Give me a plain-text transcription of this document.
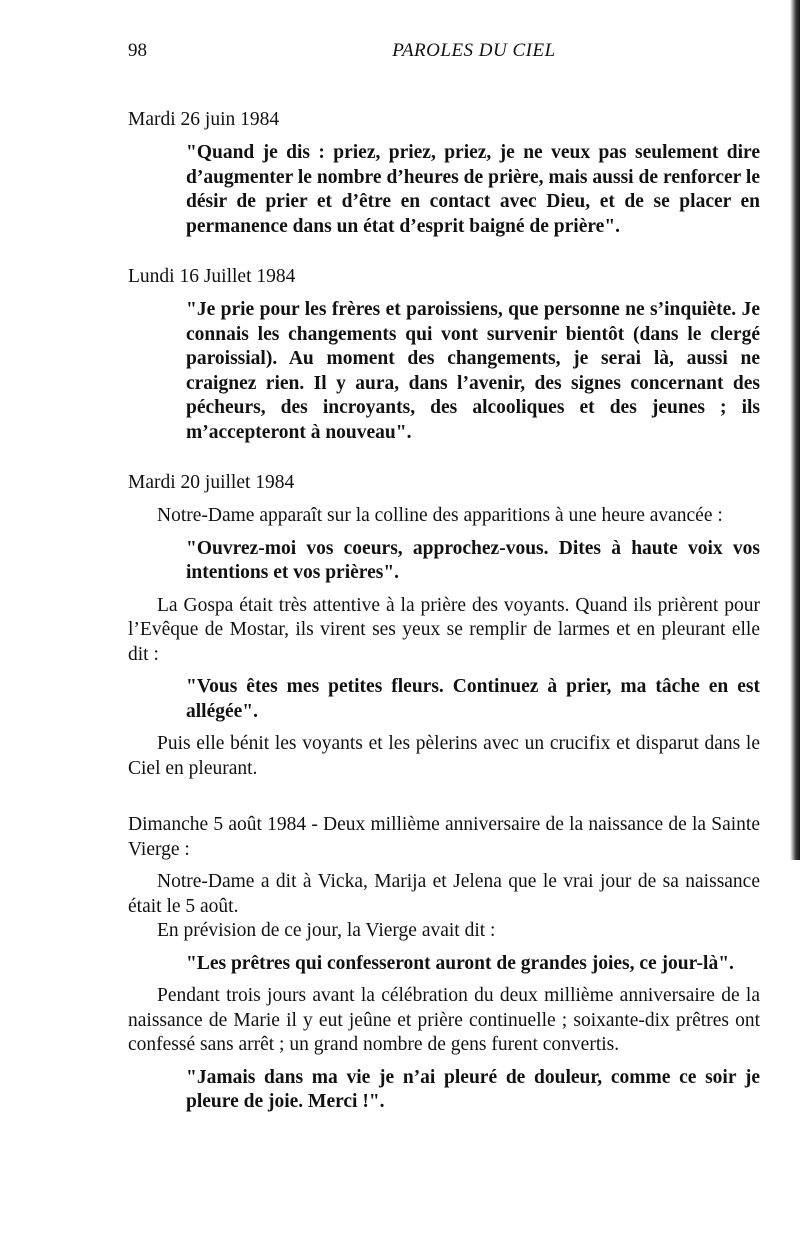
98	PAROLES DU CIEL

Mardi 26 juin 1984

"Quand je dis : priez, priez, priez, je ne veux pas seulement dire d’augmenter le nombre d’heures de prière, mais aussi de renforcer le désir de prier et d’être en contact avec Dieu, et de se placer en permanence dans un état d’esprit baigné de prière".

Lundi 16 Juillet 1984

"Je prie pour les frères et paroissiens, que personne ne s’inquiète. Je connais les changements qui vont survenir bientôt (dans le clergé paroissial). Au moment des changements, je serai là, aussi ne craignez rien. Il y aura, dans l’avenir, des signes concernant des pécheurs, des incroyants, des alcooliques et des jeunes ; ils m’accepteront à nouveau".

Mardi 20 juillet 1984

Notre-Dame apparaît sur la colline des apparitions à une heure avancée :

"Ouvrez-moi vos coeurs, approchez-vous. Dites à haute voix vos intentions et vos prières".

La Gospa était très attentive à la prière des voyants. Quand ils prièrent pour l’Evêque de Mostar, ils virent ses yeux se remplir de larmes et en pleurant elle dit :

"Vous êtes mes petites fleurs. Continuez à prier, ma tâche en est allégée".

Puis elle bénit les voyants et les pèlerins avec un crucifix et disparut dans le Ciel en pleurant.

Dimanche 5 août 1984 - Deux millième anniversaire de la naissance de la Sainte Vierge :

Notre-Dame a dit à Vicka, Marija et Jelena que le vrai jour de sa naissance était le 5 août.

En prévision de ce jour, la Vierge avait dit :

"Les prêtres qui confesseront auront de grandes joies, ce jour-là".

Pendant trois jours avant la célébration du deux millième anniversaire de la naissance de Marie il y eut jeûne et prière continuelle ; soixante-dix prêtres ont confessé sans arrêt ; un grand nombre de gens furent convertis.

"Jamais dans ma vie je n’ai pleuré de douleur, comme ce soir je pleure de joie. Merci !".
